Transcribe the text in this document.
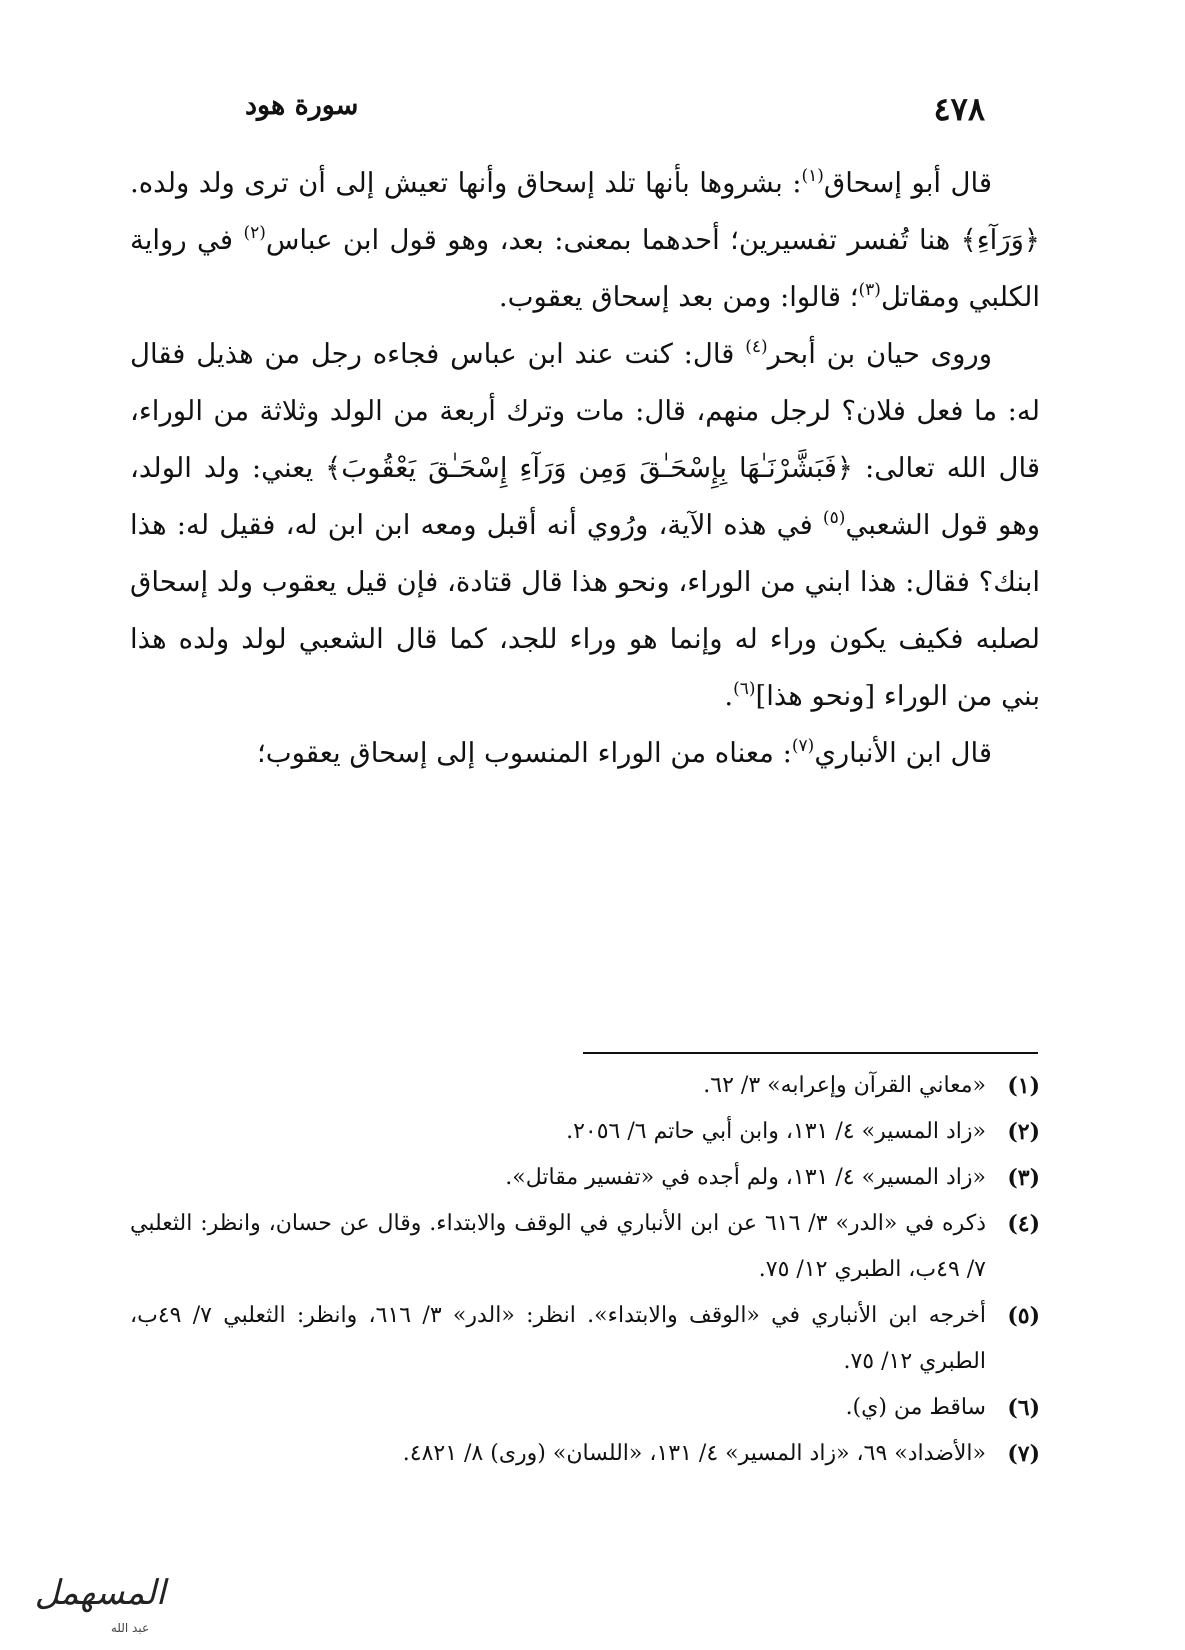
٤٧٨
سورة هود

قال أبو إسحاق$^{(١)}$: بشروها بأنها تلد إسحاق وأنها تعيش إلى أن ترى ولد ولده. ﴿وَرَآءِ﴾ هنا تُفسر تفسيرين؛ أحدهما بمعنى: بعد، وهو قول ابن عباس$^{(٢)}$ في رواية الكلبي ومقاتل$^{(٣)}$؛ قالوا: ومن بعد إسحاق يعقوب.

وروى حيان بن أبحر$^{(٤)}$ قال: كنت عند ابن عباس فجاءه رجل من هذيل فقال له: ما فعل فلان؟ لرجل منهم، قال: مات وترك أربعة من الولد وثلاثة من الوراء، قال الله تعالى: ﴿فَبَشَّرْنَـٰهَا بِإِسْحَـٰقَ وَمِن وَرَآءِ إِسْحَـٰقَ يَعْقُوبَ﴾ يعني: ولد الولد، وهو قول الشعبي$^{(٥)}$ في هذه الآية، ورُوي أنه أقبل ومعه ابن ابن له، فقيل له: هذا ابنك؟ فقال: هذا ابني من الوراء، ونحو هذا قال قتادة، فإن قيل يعقوب ولد إسحاق لصلبه فكيف يكون وراء له وإنما هو وراء للجد، كما قال الشعبي لولد ولده هذا بني من الوراء [ونحو هذا]$^{(٦)}$.

قال ابن الأنباري$^{(٧)}$: معناه من الوراء المنسوب إلى إسحاق يعقوب؛

(١)
«معاني القرآن وإعرابه» ٣/ ٦٢.
(٢)
«زاد المسير» ٤/ ١٣١، وابن أبي حاتم ٦/ ٢٠٥٦.
(٣)
«زاد المسير» ٤/ ١٣١، ولم أجده في «تفسير مقاتل».
(٤)
ذكره في «الدر» ٣/ ٦١٦ عن ابن الأنباري في الوقف والابتداء. وقال عن حسان، وانظر: الثعلبي ٧/ ٤٩ب، الطبري ١٢/ ٧٥.
(٥)
أخرجه ابن الأنباري في «الوقف والابتداء». انظر: «الدر» ٣/ ٦١٦، وانظر: الثعلبي ٧/ ٤٩ب، الطبري ١٢/ ٧٥.
(٦)
ساقط من (ي).
(٧)
«الأضداد» ٦٩، «زاد المسير» ٤/ ١٣١، «اللسان» (ورى) ٨/ ٤٨٢١.
المسهمل
عبد الله
